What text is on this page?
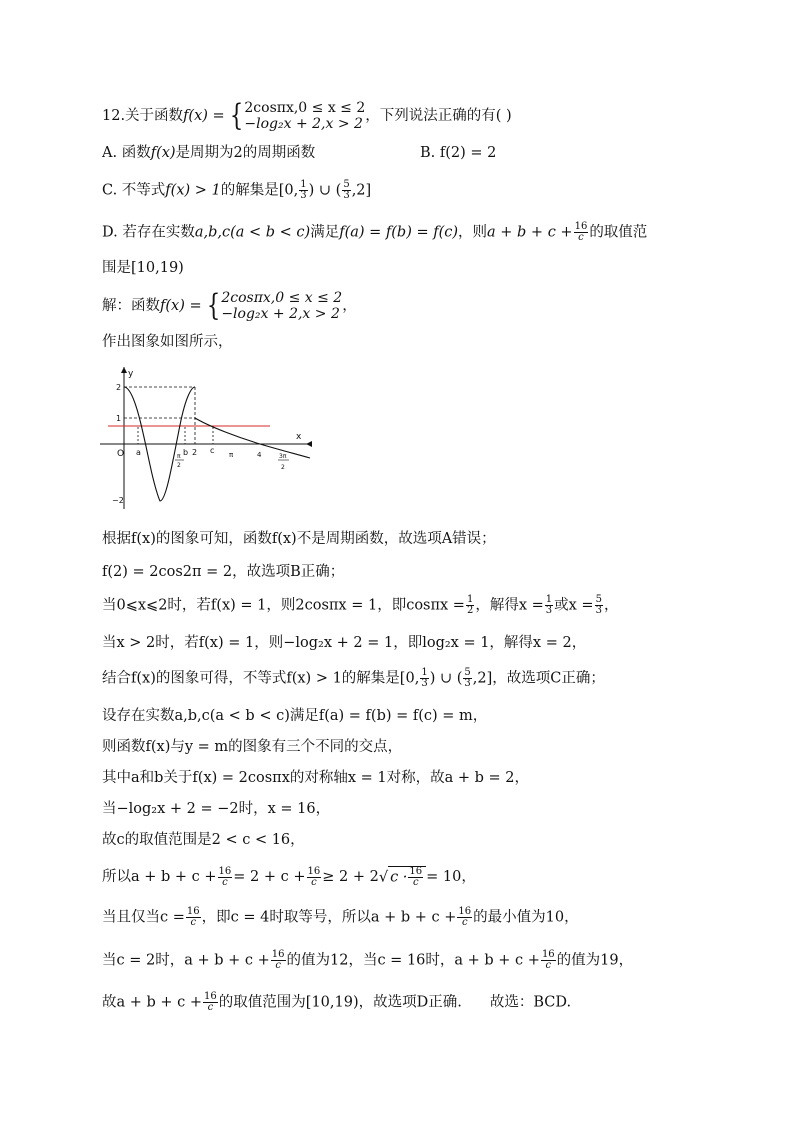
12.关于函数f(x) = { 2cosπx,0 ≤ x ≤ 2
−log₂x + 2,x > 2 ，下列说法正确的有( )
A. 函数f(x)是周期为2的周期函数	B. f(2) = 2
C. 不等式f(x) > 1的解集是[0, $\frac{1}{3}$ ) ∪ ( $\frac{5}{3} ,2$]
D. 若存在实数a,b,c(a < b < c)满足f(a) = f(b) = f(c)，则$a + b + c + \frac{16}{c}$ 的取值范
围是[10,19)
解：函数f(x) = { 2cosπx,0 ≤ x ≤ 2
−log₂x + 2,x > 2 ，
作出图象如图所示，
y
x
O
2
1
−2
a	b 2 c π	4
π
2
3π
2
根据f(x)的图象可知，函数f(x)不是周期函数，故选项A错误；
f(2) = 2cos2π = 2，故选项B正确；
当0⩽x⩽2时，若f(x) = 1，则2cosπx = 1，即$\cos\pi x = \frac{1}{2}$ ，解得$x = \frac{1}{3}$ 或$x = \frac{5}{3}$ ，
当x > 2时，若f(x) = 1，则−log₂x + 2 = 1，即log₂x = 1，解得x = 2，
结合f(x)的图象可得，不等式f(x) > 1的解集是[0, $\frac{1}{3}$ ) ∪ ( $\frac{5}{3} ,2$]，故选项C正确；
设存在实数a,b,c(a < b < c)满足f(a) = f(b) = f(c) = m，
则函数f(x)与y = m的图象有三个不同的交点，
其中a和b关于f(x) = 2cosπx的对称轴x = 1对称，故a + b = 2，
当−log₂x + 2 = −2时，x = 16，
故c的取值范围是2 < c < 16，
所以$a + b + c + \frac{16}{c} = 2 + c + \frac{16}{c} \ge 2 + 2√$ $c \cdot \frac{16}{c} = 10$，
当且仅当$c = \frac{16}{c}$ ，即c = 4时取等号，所以$a + b + c + \frac{16}{c}$ 的最小值为10，
当c = 2时，$a + b + c + \frac{16}{c}$ 的值为12，当c = 16时，$a + b + c + \frac{16}{c}$ 的值为19，
故$a + b + c + \frac{16}{c}$ 的取值范围为[10,19)，故选项D正确. 故选：BCD.
